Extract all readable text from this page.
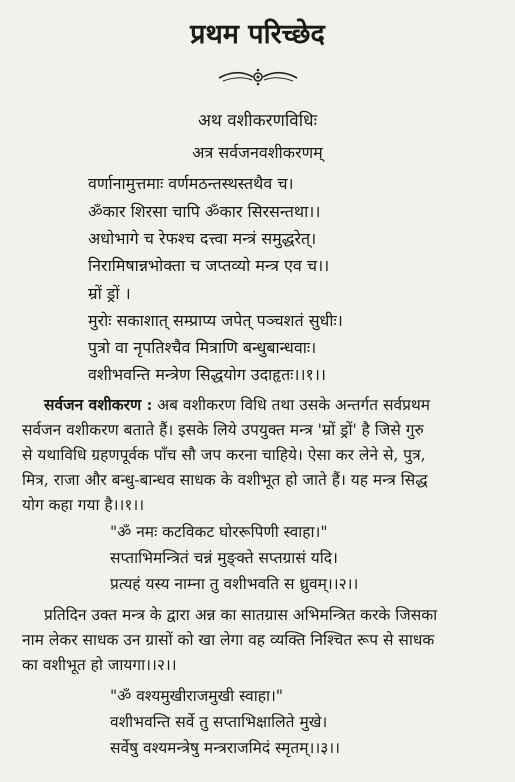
प्रथम परिच्छेद
अथ वशीकरणविधिः
अत्र सर्वजनवशीकरणम्
वर्णानामुत्तमाः वर्णमठन्तस्थस्तथैव च।
ॐकार शिरसा चापि ॐकार सिरसन्तथा।।
अधोभागे च रेफश्च दत्त्वा मन्त्रं समुद्धरेत्।
निरामिषान्नभोक्ता च जप्तव्यो मन्त्र एव च।।
म्रों ड्रों ।
मुरोः सकाशात् सम्प्राप्य जपेत् पञ्चशतं सुधीः।
पुत्रो वा नृपतिश्चैव मित्राणि बन्धुबान्धवाः।
वशीभवन्ति मन्त्रेण सिद्धयोग उदाहृतः।।१।।
सर्वजन वशीकरण : अब वशीकरण विधि तथा उसके अन्तर्गत सर्वप्रथम
सर्वजन वशीकरण बताते हैं। इसके लिये उपयुक्त मन्त्र 'म्रों ड्रों' है जिसे गुरु
से यथाविधि ग्रहणपूर्वक पाँच सौ जप करना चाहिये। ऐसा कर लेने से, पुत्र,
मित्र, राजा और बन्धु-बान्धव साधक के वशीभूत हो जाते हैं। यह मन्त्र सिद्ध
योग कहा गया है।।१।।
"ॐ नमः कटविकट घोररूपिणी स्वाहा।"
सप्ताभिमन्त्रितं चन्नं मुङ्क्ते सप्तग्रासं यदि।
प्रत्यहं यस्य नाम्ना तु वशीभवति स ध्रुवम्।।२।।
प्रतिदिन उक्त मन्त्र के द्वारा अन्न का सातग्रास अभिमन्त्रित करके जिसका
नाम लेकर साधक उन ग्रासों को खा लेगा वह व्यक्ति निश्चित रूप से साधक
का वशीभूत हो जायगा।।२।।
"ॐ वश्यमुखीराजमुखी स्वाहा।"
वशीभवन्ति सर्वे तु सप्ताभिक्षालिते मुखे।
सर्वेषु वश्यमन्त्रेषु मन्त्रराजमिदं स्मृतम्।।३।।
